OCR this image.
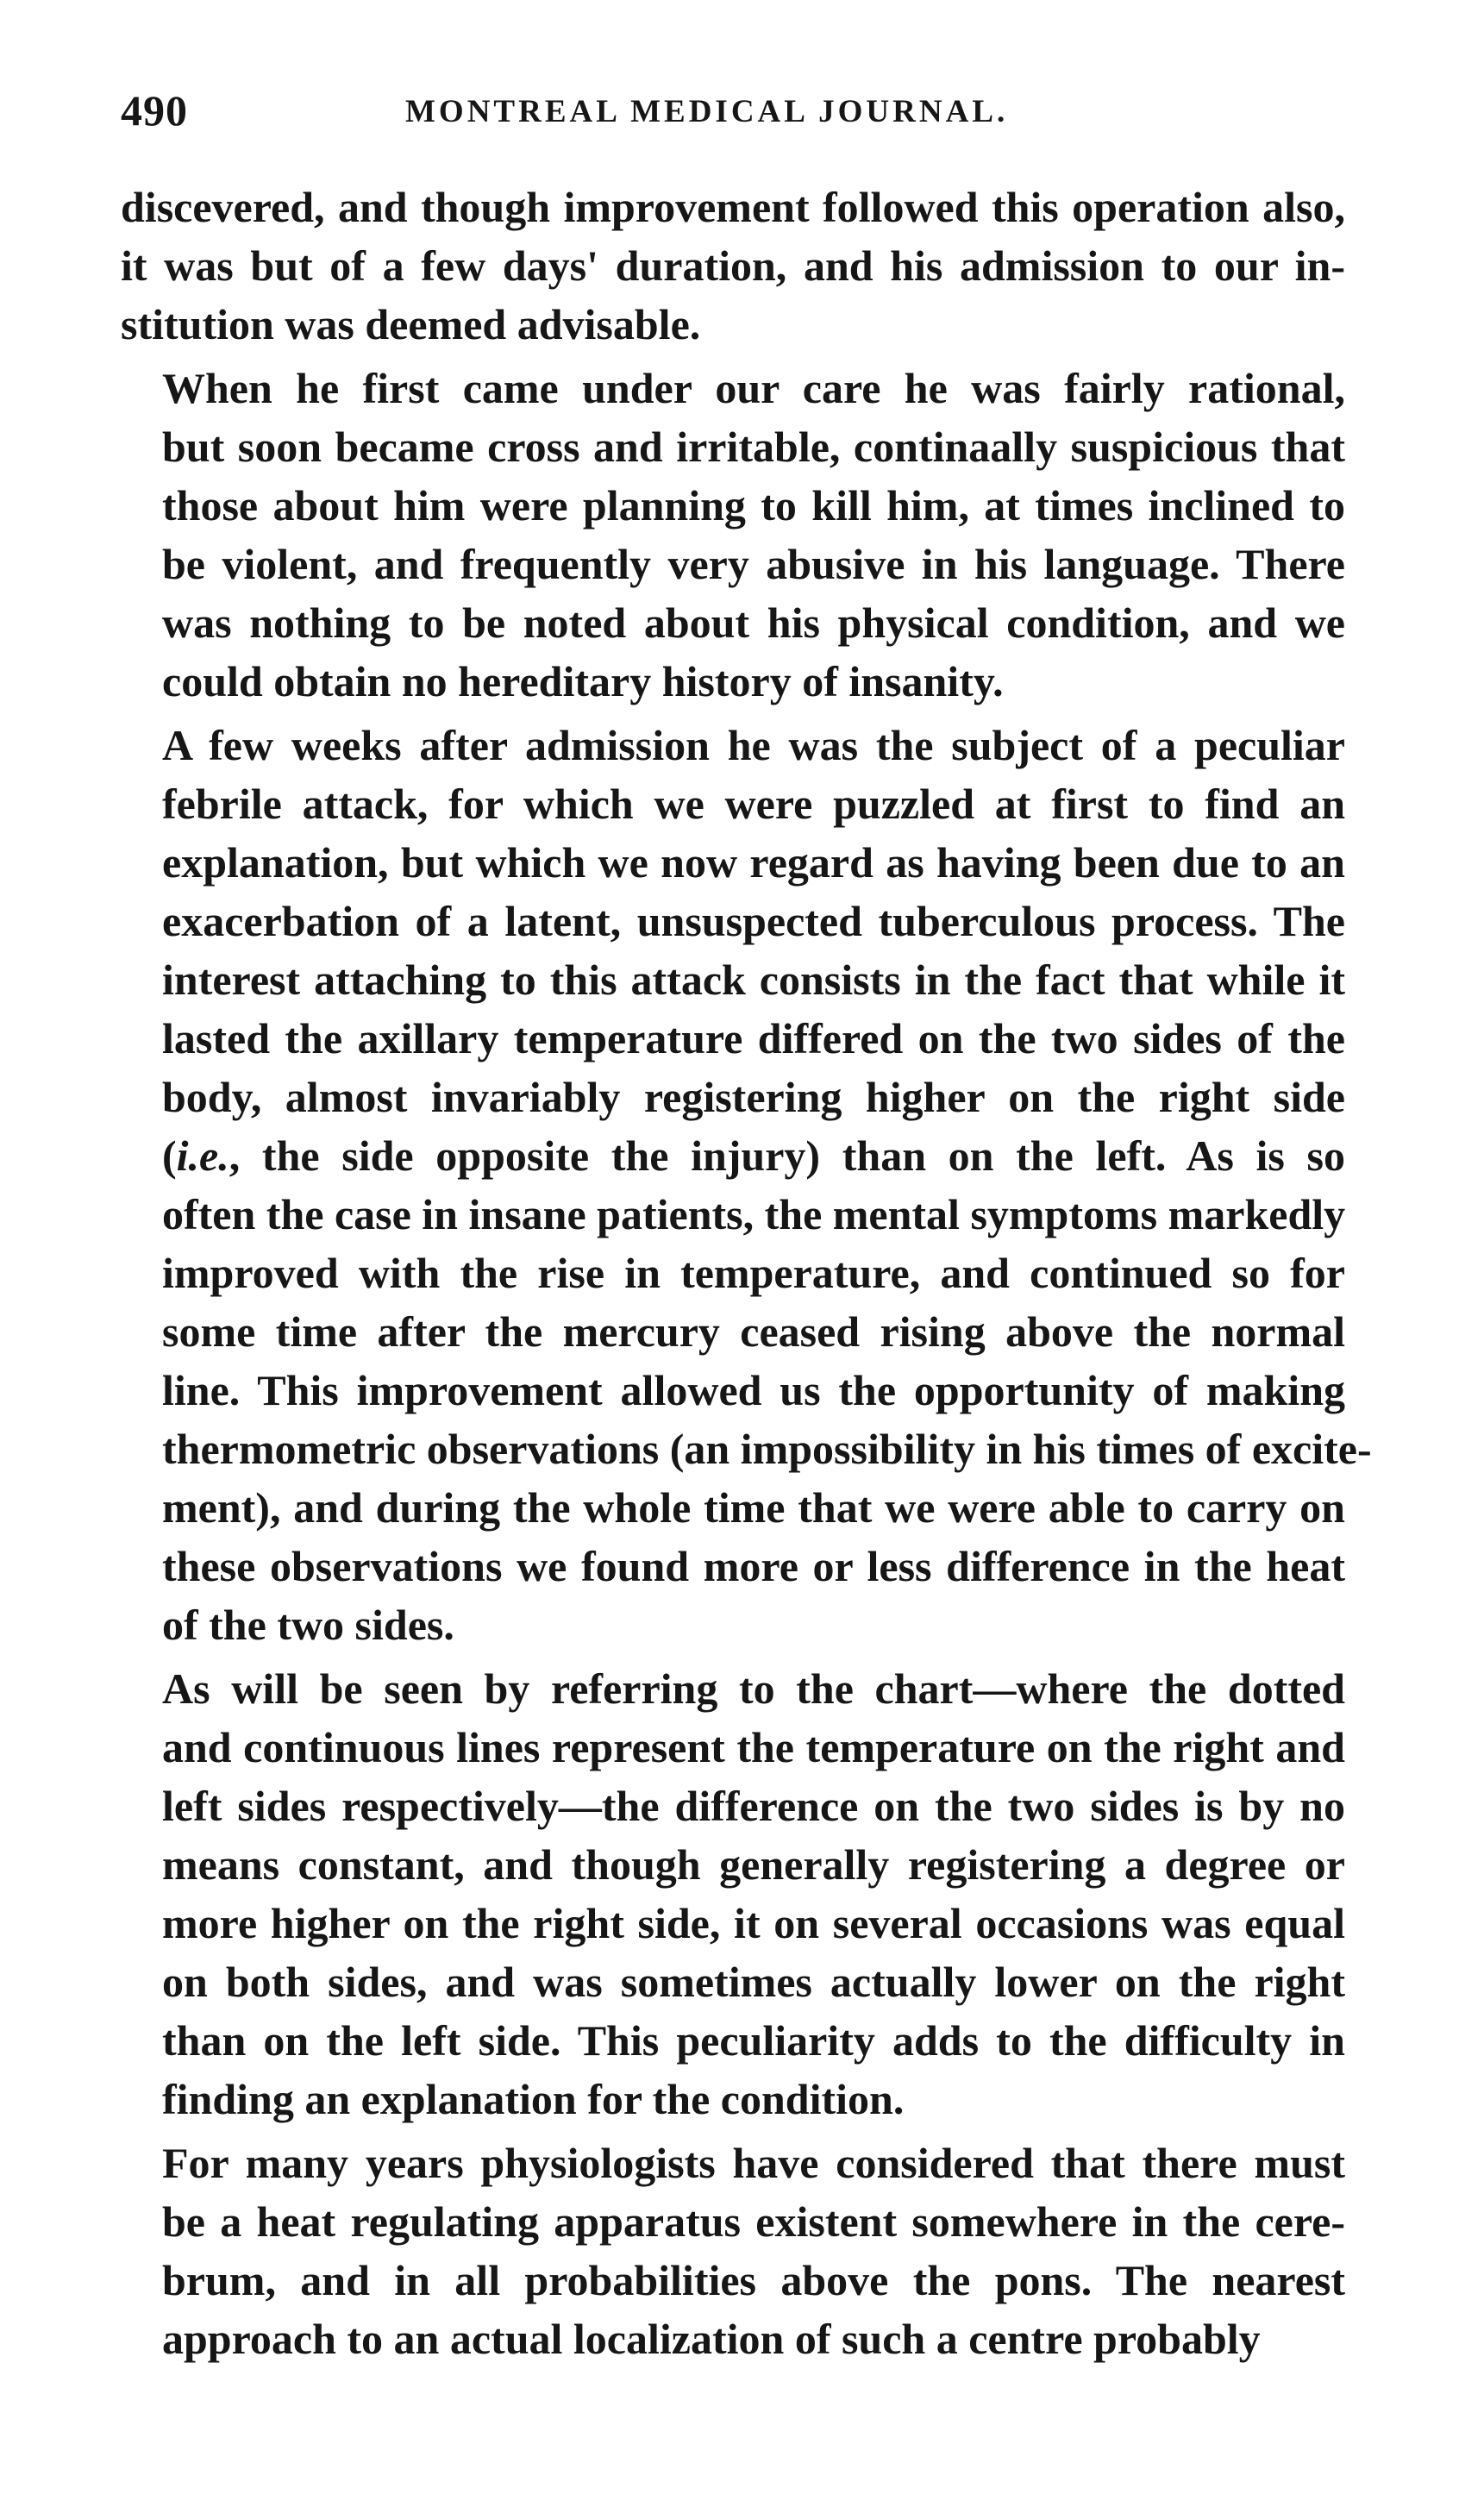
490	MONTREAL MEDICAL JOURNAL.

discevered, and though improvement followed this operation also,
it was but of a few days' duration, and his admission to our in-
stitution was deemed advisable.

When he first came under our care he was fairly rational,
but soon became cross and irritable, continaally suspicious that
those about him were planning to kill him, at times inclined to
be violent, and frequently very abusive in his language. There
was nothing to be noted about his physical condition, and we
could obtain no hereditary history of insanity.

A few weeks after admission he was the subject of a peculiar
febrile attack, for which we were puzzled at first to find an
explanation, but which we now regard as having been due to an
exacerbation of a latent, unsuspected tuberculous process. The
interest attaching to this attack consists in the fact that while it
lasted the axillary temperature differed on the two sides of the
body, almost invariably registering higher on the right side
(i.e., the side opposite the injury) than on the left. As is so
often the case in insane patients, the mental symptoms markedly
improved with the rise in temperature, and continued so for
some time after the mercury ceased rising above the normal
line. This improvement allowed us the opportunity of making
thermometric observations (an impossibility in his times of excite-
ment), and during the whole time that we were able to carry on
these observations we found more or less difference in the heat
of the two sides.

As will be seen by referring to the chart—where the dotted
and continuous lines represent the temperature on the right and
left sides respectively—the difference on the two sides is by no
means constant, and though generally registering a degree or
more higher on the right side, it on several occasions was equal
on both sides, and was sometimes actually lower on the right
than on the left side. This peculiarity adds to the difficulty in
finding an explanation for the condition.

For many years physiologists have considered that there must
be a heat regulating apparatus existent somewhere in the cere-
brum, and in all probabilities above the pons. The nearest
approach to an actual localization of such a centre probably
